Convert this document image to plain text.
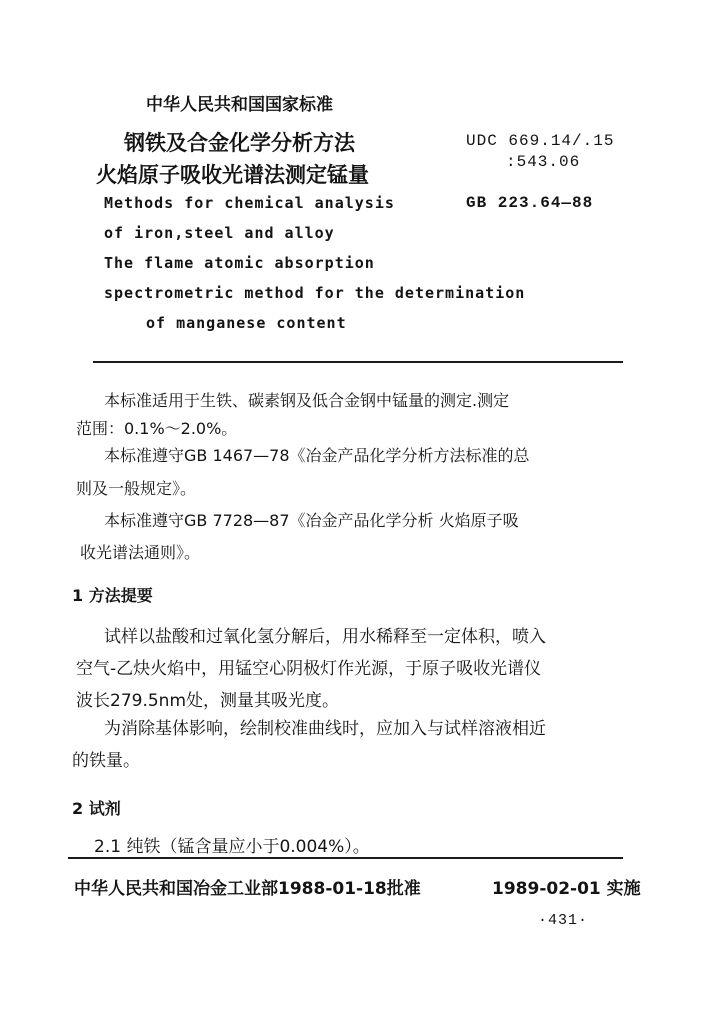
中华人民共和国国家标准
钢铁及合金化学分析方法
火焰原子吸收光谱法测定锰量
UDC 669.14/.15
:543.06
GB 223.64—88
Methods for chemical analysis
of iron,steel and alloy
The flame atomic absorption
spectrometric method for the determination
of manganese content
本标准适用于生铁、碳素钢及低合金钢中锰量的测定.测定
范围：0.1%～2.0%。
本标准遵守GB 1467—78《冶金产品化学分析方法标准的总
则及一般规定》。
本标准遵守GB 7728—87《冶金产品化学分析 火焰原子吸
收光谱法通则》。
1 方法提要
试样以盐酸和过氧化氢分解后，用水稀释至一定体积，喷入
空气-乙炔火焰中，用锰空心阴极灯作光源，于原子吸收光谱仪
波长279.5nm处，测量其吸光度。
为消除基体影响，绘制校准曲线时，应加入与试样溶液相近
的铁量。
2 试剂
2.1 纯铁（锰含量应小于0.004%）。
中华人民共和国冶金工业部1988-01-18批准	1989-02-01 实施
·431·
